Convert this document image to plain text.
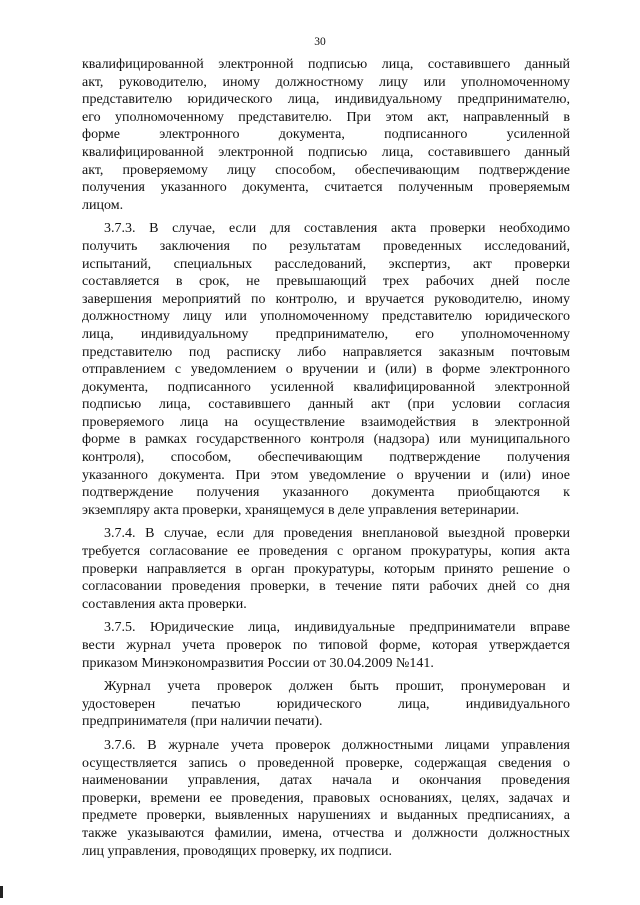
30
квалифицированной электронной подписью лица, составившего данный
акт, руководителю, иному должностному лицу или уполномоченному
представителю юридического лица, индивидуальному предпринимателю,
его уполномоченному представителю. При этом акт, направленный в
форме электронного документа, подписанного усиленной
квалифицированной электронной подписью лица, составившего данный
акт, проверяемому лицу способом, обеспечивающим подтверждение
получения указанного документа, считается полученным проверяемым
лицом.
3.7.3. В случае, если для составления акта проверки необходимо
получить заключения по результатам проведенных исследований,
испытаний, специальных расследований, экспертиз, акт проверки
составляется в срок, не превышающий трех рабочих дней после
завершения мероприятий по контролю, и вручается руководителю, иному
должностному лицу или уполномоченному представителю юридического
лица, индивидуальному предпринимателю, его уполномоченному
представителю под расписку либо направляется заказным почтовым
отправлением с уведомлением о вручении и (или) в форме электронного
документа, подписанного усиленной квалифицированной электронной
подписью лица, составившего данный акт (при условии согласия
проверяемого лица на осуществление взаимодействия в электронной
форме в рамках государственного контроля (надзора) или муниципального
контроля), способом, обеспечивающим подтверждение получения
указанного документа. При этом уведомление о вручении и (или) иное
подтверждение получения указанного документа приобщаются к
экземпляру акта проверки, хранящемуся в деле управления ветеринарии.
3.7.4. В случае, если для проведения внеплановой выездной проверки
требуется согласование ее проведения с органом прокуратуры, копия акта
проверки направляется в орган прокуратуры, которым принято решение о
согласовании проведения проверки, в течение пяти рабочих дней со дня
составления акта проверки.
3.7.5. Юридические лица, индивидуальные предприниматели вправе
вести журнал учета проверок по типовой форме, которая утверждается
приказом Минэкономразвития России от 30.04.2009 №141.
Журнал учета проверок должен быть прошит, пронумерован и
удостоверен печатью юридического лица, индивидуального
предпринимателя (при наличии печати).
3.7.6. В журнале учета проверок должностными лицами управления
осуществляется запись о проведенной проверке, содержащая сведения о
наименовании управления, датах начала и окончания проведения
проверки, времени ее проведения, правовых основаниях, целях, задачах и
предмете проверки, выявленных нарушениях и выданных предписаниях, а
также указываются фамилии, имена, отчества и должности должностных
лиц управления, проводящих проверку, их подписи.
